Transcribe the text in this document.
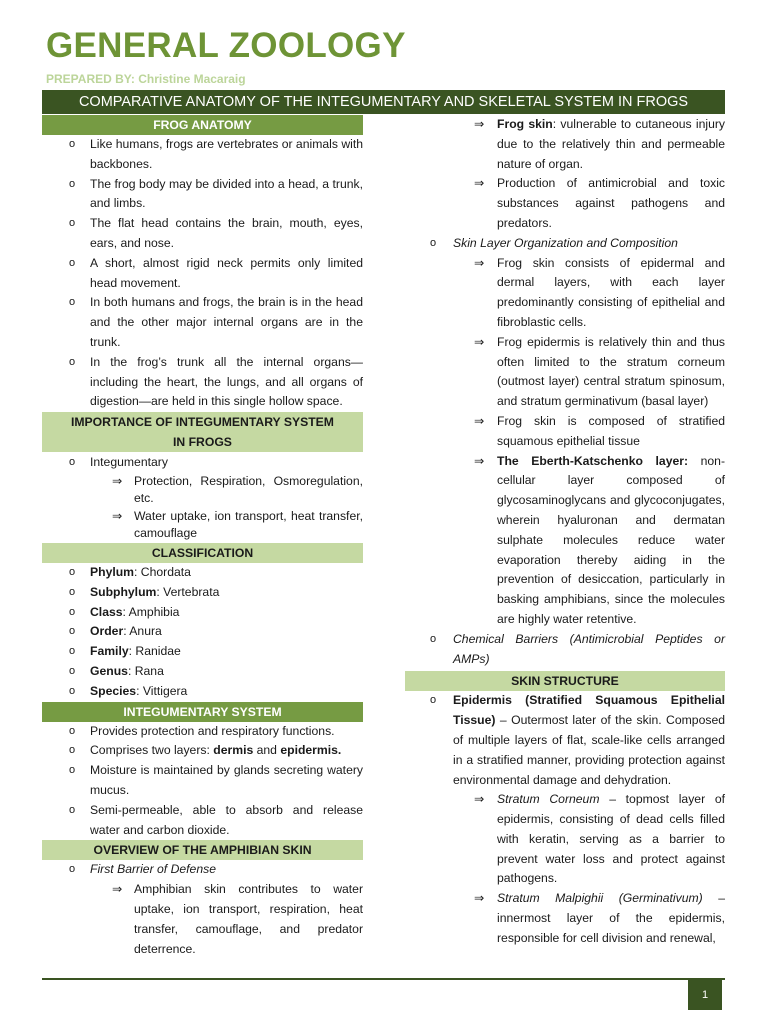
GENERAL ZOOLOGY
PREPARED BY: Christine Macaraig
COMPARATIVE ANATOMY OF THE INTEGUMENTARY AND SKELETAL SYSTEM IN FROGS
FROG ANATOMY
o Like humans, frogs are vertebrates or animals with backbones.
o The frog body may be divided into a head, a trunk, and limbs.
o The flat head contains the brain, mouth, eyes, ears, and nose.
o A short, almost rigid neck permits only limited head movement.
o In both humans and frogs, the brain is in the head and the other major internal organs are in the trunk.
o In the frog’s trunk all the internal organs—including the heart, the lungs, and all organs of digestion—are held in this single hollow space.
IMPORTANCE OF INTEGUMENTARY SYSTEM
IN FROGS
o Integumentary
⇒ Protection, Respiration, Osmoregulation, etc.
⇒ Water uptake, ion transport, heat transfer, camouflage
CLASSIFICATION
o Phylum: Chordata
o Subphylum: Vertebrata
o Class: Amphibia
o Order: Anura
o Family: Ranidae
o Genus: Rana
o Species: Vittigera
INTEGUMENTARY SYSTEM
o Provides protection and respiratory functions.
o Comprises two layers: dermis and epidermis.
o Moisture is maintained by glands secreting watery mucus.
o Semi-permeable, able to absorb and release water and carbon dioxide.
OVERVIEW OF THE AMPHIBIAN SKIN
o First Barrier of Defense
⇒ Amphibian skin contributes to water uptake, ion transport, respiration, heat transfer, camouflage, and predator deterrence.
⇒ Frog skin: vulnerable to cutaneous injury due to the relatively thin and permeable nature of organ.
⇒ Production of antimicrobial and toxic substances against pathogens and predators.
o Skin Layer Organization and Composition
⇒ Frog skin consists of epidermal and dermal layers, with each layer predominantly consisting of epithelial and fibroblastic cells.
⇒ Frog epidermis is relatively thin and thus often limited to the stratum corneum (outmost layer) central stratum spinosum, and stratum germinativum (basal layer)
⇒ Frog skin is composed of stratified squamous epithelial tissue
⇒ The Eberth-Katschenko layer: non-cellular layer composed of glycosaminoglycans and glycoconjugates, wherein hyaluronan and dermatan sulphate molecules reduce water evaporation thereby aiding in the prevention of desiccation, particularly in basking amphibians, since the molecules are highly water retentive.
o Chemical Barriers (Antimicrobial Peptides or AMPs)
SKIN STRUCTURE
o Epidermis (Stratified Squamous Epithelial Tissue) – Outermost later of the skin. Composed of multiple layers of flat, scale-like cells arranged in a stratified manner, providing protection against environmental damage and dehydration.
⇒ Stratum Corneum – topmost layer of epidermis, consisting of dead cells filled with keratin, serving as a barrier to prevent water loss and protect against pathogens.
⇒ Stratum Malpighii (Germinativum) – innermost layer of the epidermis, responsible for cell division and renewal,
1
